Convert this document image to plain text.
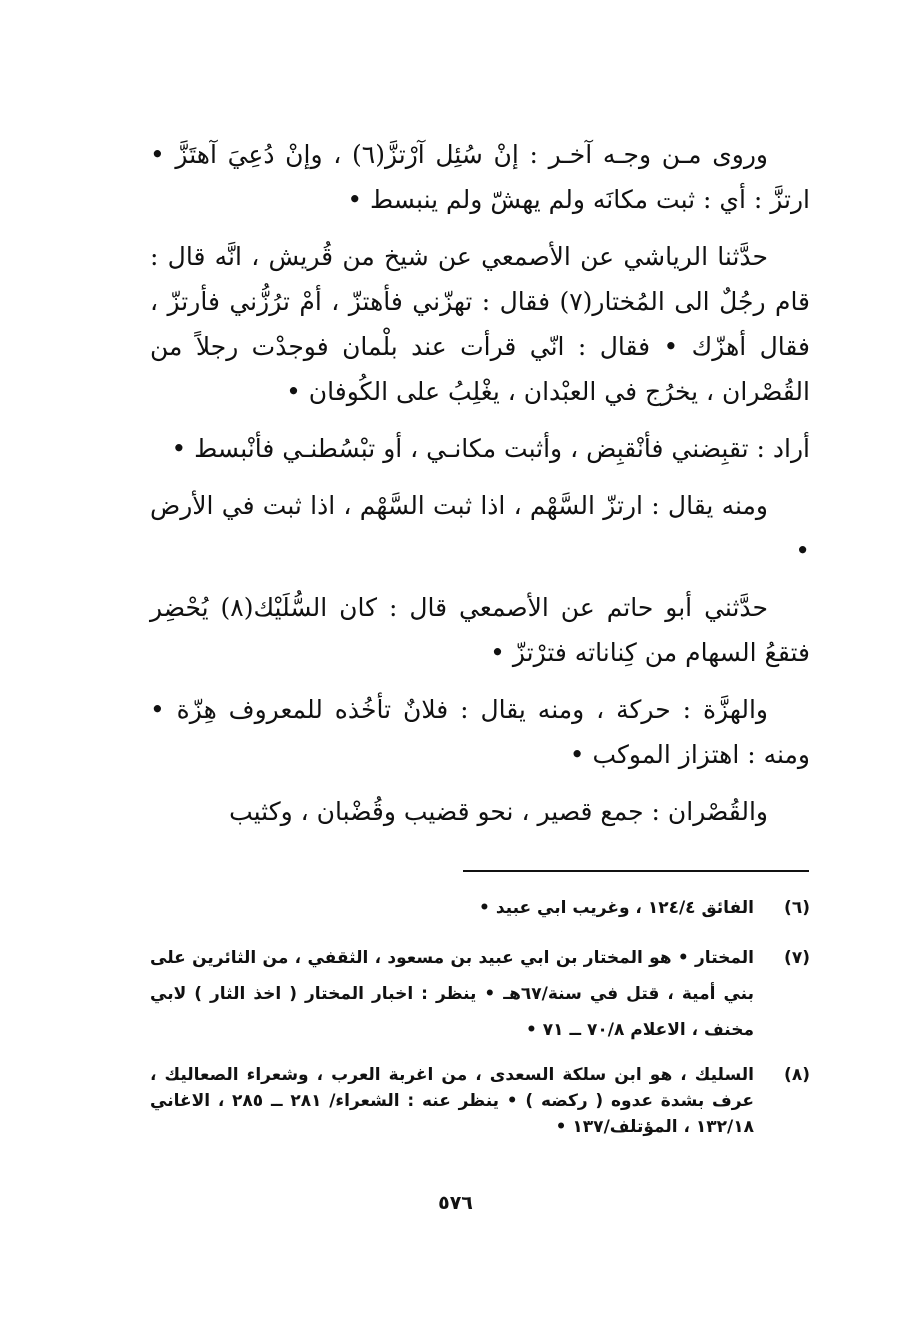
وروى مـن وجـه آخـر : إنْ سُئِل آرْتزَّ(٦) ، وإنْ دُعِيَ آهتَزَّ • ارتزَّ : أي : ثبت مكانَه ولم يهشّ ولم ينبسط •

حدَّثنا الرياشي عن الأصمعي عن شيخ من قُريش ، انَّه قال : قام رجُلٌ الى المُختار(٧) فقال : تهزّني فأهتزّ ، أمْ ترُزُّني فأرتزّ ، فقال أهزّك • فقال : انّي قرأت عند بلْمان فوجدْت رجلاً من القُصْران ، يخرُج في العبْدان ، يغْلِبُ على الكُوفان •

أراد : تقبِضني فأنْقبِض ، وأثبت مكانـي ، أو تبْسُطنـي فأنْبسط •

ومنه يقال : ارتزّ السَّهْم ، اذا ثبت السَّهْم ، اذا ثبت في الأرض •

حدَّثني أبو حاتم عن الأصمعي قال : كان السُّلَيْك(٨) يُحْضِر فتقعُ السهام من كِناناته فترْتزّ •

والهزَّة : حركة ، ومنه يقال : فلانٌ تأخُذه للمعروف هِزّة • ومنه : اهتزاز الموكب •

والقُصْران : جمع قصير ، نحو قضيب وقُضْبان ، وكثيب

(٦)
الفائق ١٢٤/٤ ، وغريب ابي عبيد •
(٧)
المختار • هو المختار بن ابي عبيد بن مسعود ، الثقفي ، من الثائرين على بني أمية ، قتل في سنة/٦٧هـ • ينظر : اخبار المختار ( اخذ الثار ) لابي مخنف ، الاعلام ٧٠/٨ ــ ٧١ •
(٨)
السليك ، هو ابن سلكة السعدى ، من اغربة العرب ، وشعراء الصعاليك ، عرف بشدة عدوه ( ركضه ) • ينظر عنه : الشعراء/ ٢٨١ ــ ٢٨٥ ، الاغاني ١٣٢/١٨ ، المؤتلف/١٣٧ •
٥٧٦
